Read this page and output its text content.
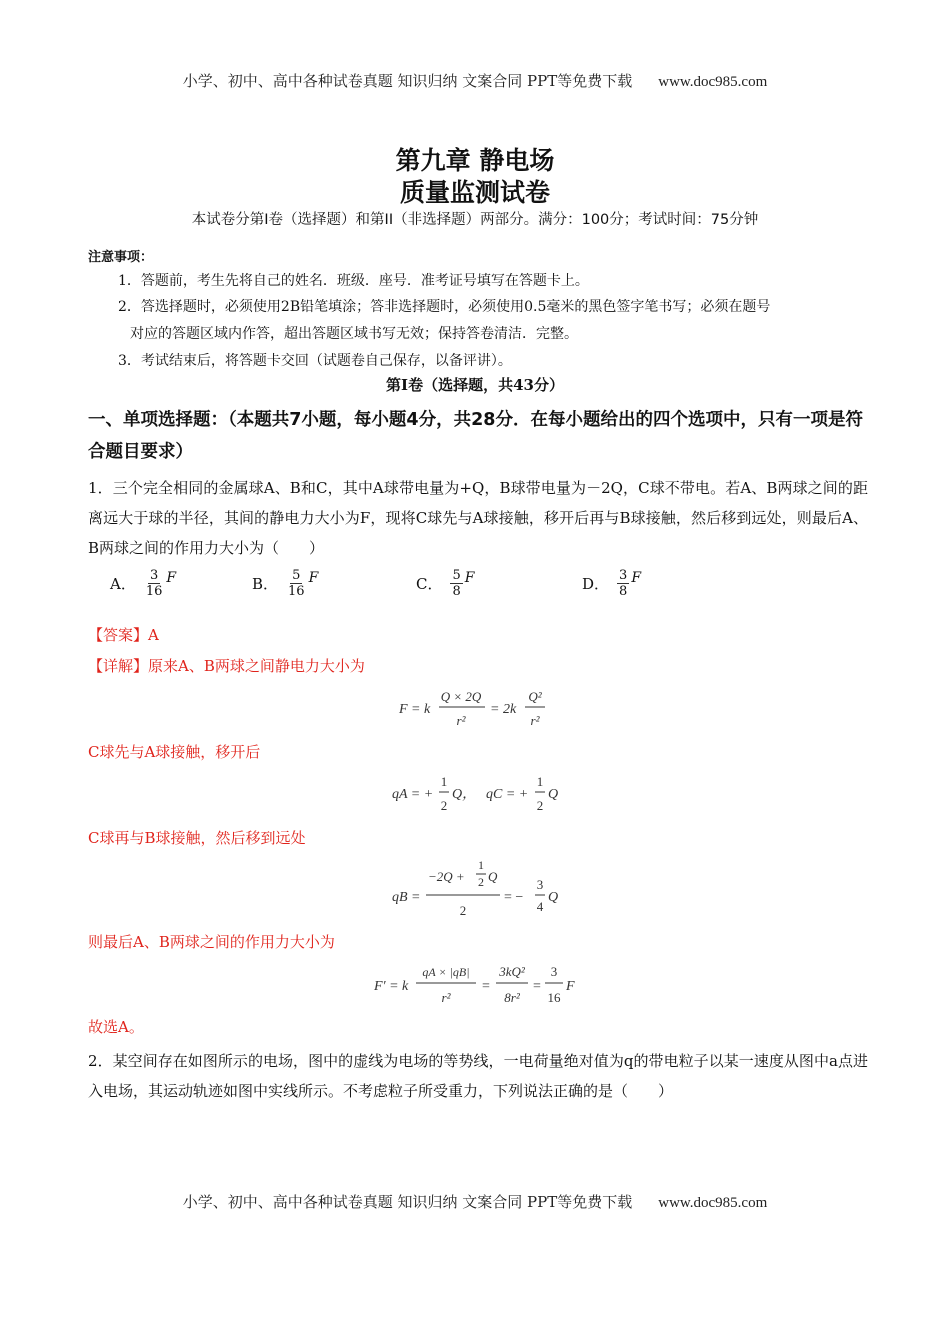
小学、初中、高中各种试卷真题 知识归纳 文案合同 PPT等免费下载 www.doc985.com
第九章 静电场
质量监测试卷
本试卷分第I卷（选择题）和第II（非选择题）两部分。满分：100分；考试时间：75分钟
注意事项：
1．答题前，考生先将自己的姓名．班级．座号．准考证号填写在答题卡上。
2．答选择题时，必须使用2B铅笔填涂；答非选择题时，必须使用0.5毫米的黑色签字笔书写；必须在题号
对应的答题区域内作答，超出答题区域书写无效；保持答卷清洁．完整。
3．考试结束后，将答题卡交回（试题卷自己保存，以备评讲）。
第Ⅰ卷（选择题，共43分）
一、单项选择题：（本题共7小题，每小题4分，共28分．在每小题给出的四个选项中，只有一项是符合题目要求）
1．三个完全相同的金属球A、B和C，其中A球带电量为+Q，B球带电量为－2Q，C球不带电。若A、B两球之间的距离远大于球的半径，其间的静电力大小为F，现将C球先与A球接触，移开后再与B球接触，然后移到远处，则最后A、B两球之间的作用力大小为（　　）
A． $\frac{3}{16}$ F	B． $\frac{5}{16}$ F	C． $\frac{5}{8}$ F	D． $\frac{3}{8}$ F
【答案】A
【详解】原来A、B两球之间静电力大小为
F = k
Q × 2Q
r²
= 2k
Q²
r²
C球先与A球接触，移开后
qA = +
1
2
Q， qC = +
1
2
Q
C球再与B球接触，然后移到远处
qB =
−2Q +
1
2 Q
2
= −
3
4
Q
则最后A、B两球之间的作用力大小为
F′ = k
qA × |qB|
r²
=
3kQ²
8r²
=
3
16
F
故选A。
2．某空间存在如图所示的电场，图中的虚线为电场的等势线，一电荷量绝对值为q的带电粒子以某一速度从图中a点进入电场，其运动轨迹如图中实线所示。不考虑粒子所受重力，下列说法正确的是（　　）
小学、初中、高中各种试卷真题 知识归纳 文案合同 PPT等免费下载 www.doc985.com
